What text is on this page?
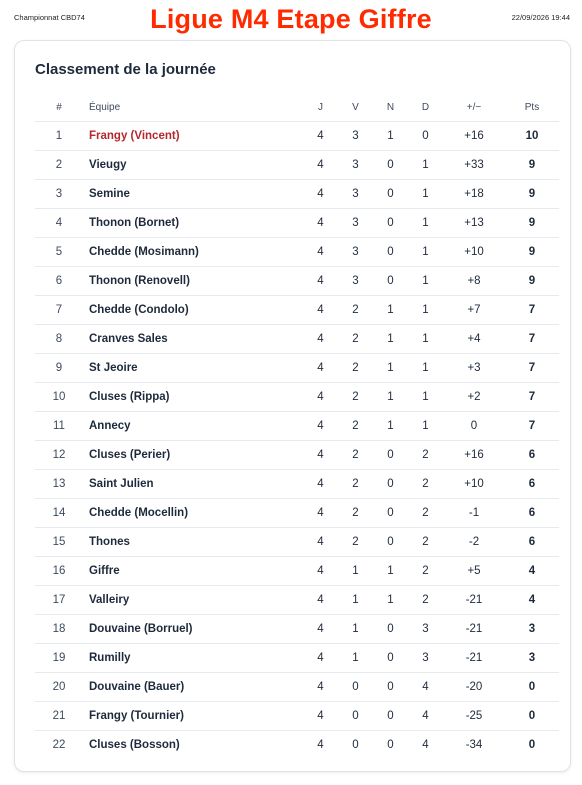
Championnat CBD74	Ligue M4 Etape Giffre	22/09/2026 19:44
Classement de la journée
#	Équipe	J	V	N	D	+/−	Pts
1	Frangy (Vincent)	4	3	1	0	+16	10
2	Vieugy	4	3	0	1	+33	9
3	Semine	4	3	0	1	+18	9
4	Thonon (Bornet)	4	3	0	1	+13	9
5	Chedde (Mosimann)	4	3	0	1	+10	9
6	Thonon (Renovell)	4	3	0	1	+8	9
7	Chedde (Condolo)	4	2	1	1	+7	7
8	Cranves Sales	4	2	1	1	+4	7
9	St Jeoire	4	2	1	1	+3	7
10	Cluses (Rippa)	4	2	1	1	+2	7
11	Annecy	4	2	1	1	0	7
12	Cluses (Perier)	4	2	0	2	+16	6
13	Saint Julien	4	2	0	2	+10	6
14	Chedde (Mocellin)	4	2	0	2	-1	6
15	Thones	4	2	0	2	-2	6
16	Giffre	4	1	1	2	+5	4
17	Valleiry	4	1	1	2	-21	4
18	Douvaine (Borruel)	4	1	0	3	-21	3
19	Rumilly	4	1	0	3	-21	3
20	Douvaine (Bauer)	4	0	0	4	-20	0
21	Frangy (Tournier)	4	0	0	4	-25	0
22	Cluses (Bosson)	4	0	0	4	-34	0
